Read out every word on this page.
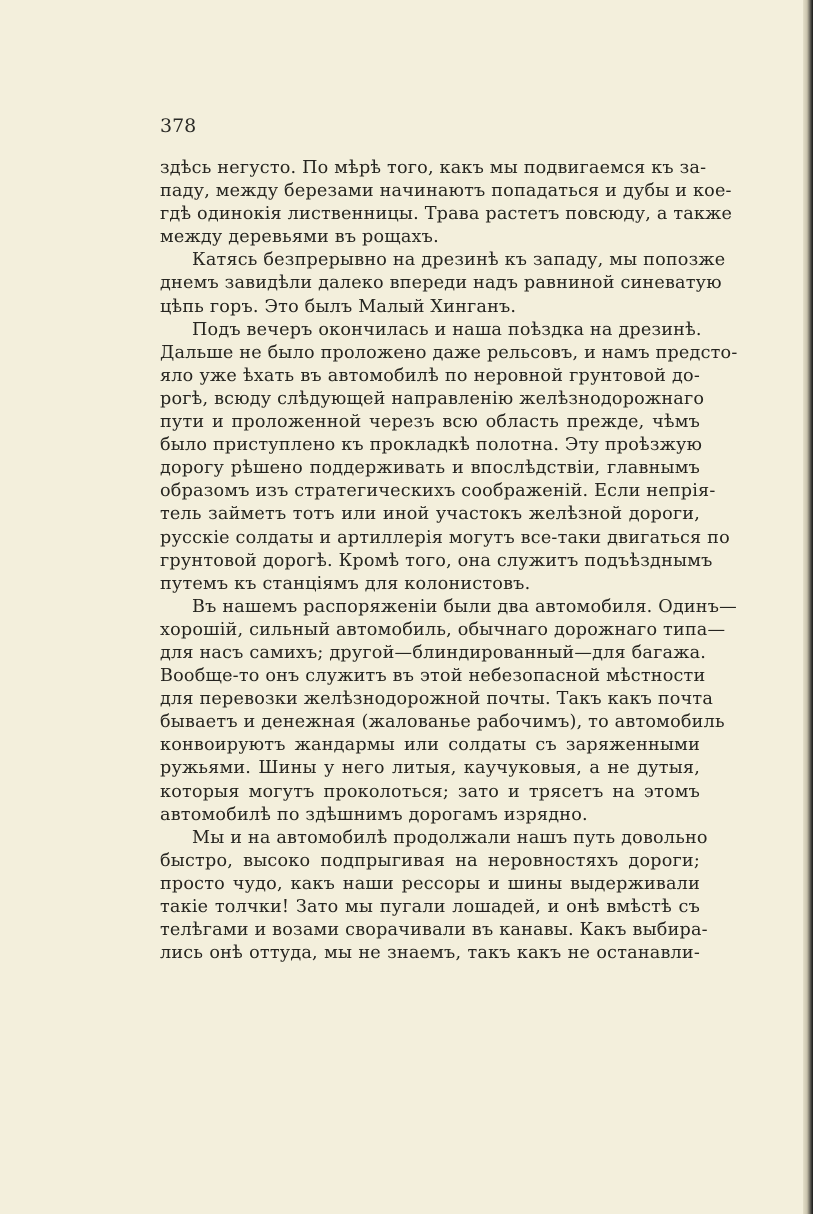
378
здѣсь негусто. По мѣрѣ того, какъ мы подвигаемся къ за-
паду, между березами начинаютъ попадаться и дубы и кое-
гдѣ одинокія лиственницы. Трава растетъ повсюду, а также
между деревьями въ рощахъ.
Катясь безпрерывно на дрезинѣ къ западу, мы попозже
днемъ завидѣли далеко впереди надъ равниной синеватую
цѣпь горъ. Это былъ Малый Хинганъ.
Подъ вечеръ окончилась и наша поѣздка на дрезинѣ.
Дальше не было проложено даже рельсовъ, и намъ предсто-
яло уже ѣхать въ автомобилѣ по неровной грунтовой до-
рогѣ, всюду слѣдующей направленію желѣзнодорожнаго
пути и проложенной черезъ всю область прежде, чѣмъ
было приступлено къ прокладкѣ полотна. Эту проѣзжую
дорогу рѣшено поддерживать и впослѣдствіи, главнымъ
образомъ изъ стратегическихъ соображеній. Если непрія-
тель займетъ тотъ или иной участокъ желѣзной дороги,
русскіе солдаты и артиллерія могутъ все-таки двигаться по
грунтовой дорогѣ. Кромѣ того, она служитъ подъѣзднымъ
путемъ къ станціямъ для колонистовъ.
Въ нашемъ распоряженіи были два автомобиля. Одинъ—
хорошій, сильный автомобиль, обычнаго дорожнаго типа—
для насъ самихъ; другой—блиндированный—для багажа.
Вообще-то онъ служитъ въ этой небезопасной мѣстности
для перевозки желѣзнодорожной почты. Такъ какъ почта
бываетъ и денежная (жалованье рабочимъ), то автомобиль
конвоируютъ жандармы или солдаты съ заряженными
ружьями. Шины у него литыя, каучуковыя, а не дутыя,
которыя могутъ проколоться; зато и трясетъ на этомъ
автомобилѣ по здѣшнимъ дорогамъ изрядно.
Мы и на автомобилѣ продолжали нашъ путь довольно
быстро, высоко подпрыгивая на неровностяхъ дороги;
просто чудо, какъ наши рессоры и шины выдерживали
такіе толчки! Зато мы пугали лошадей, и онѣ вмѣстѣ съ
телѣгами и возами сворачивали въ канавы. Какъ выбира-
лись онѣ оттуда, мы не знаемъ, такъ какъ не останавли-
